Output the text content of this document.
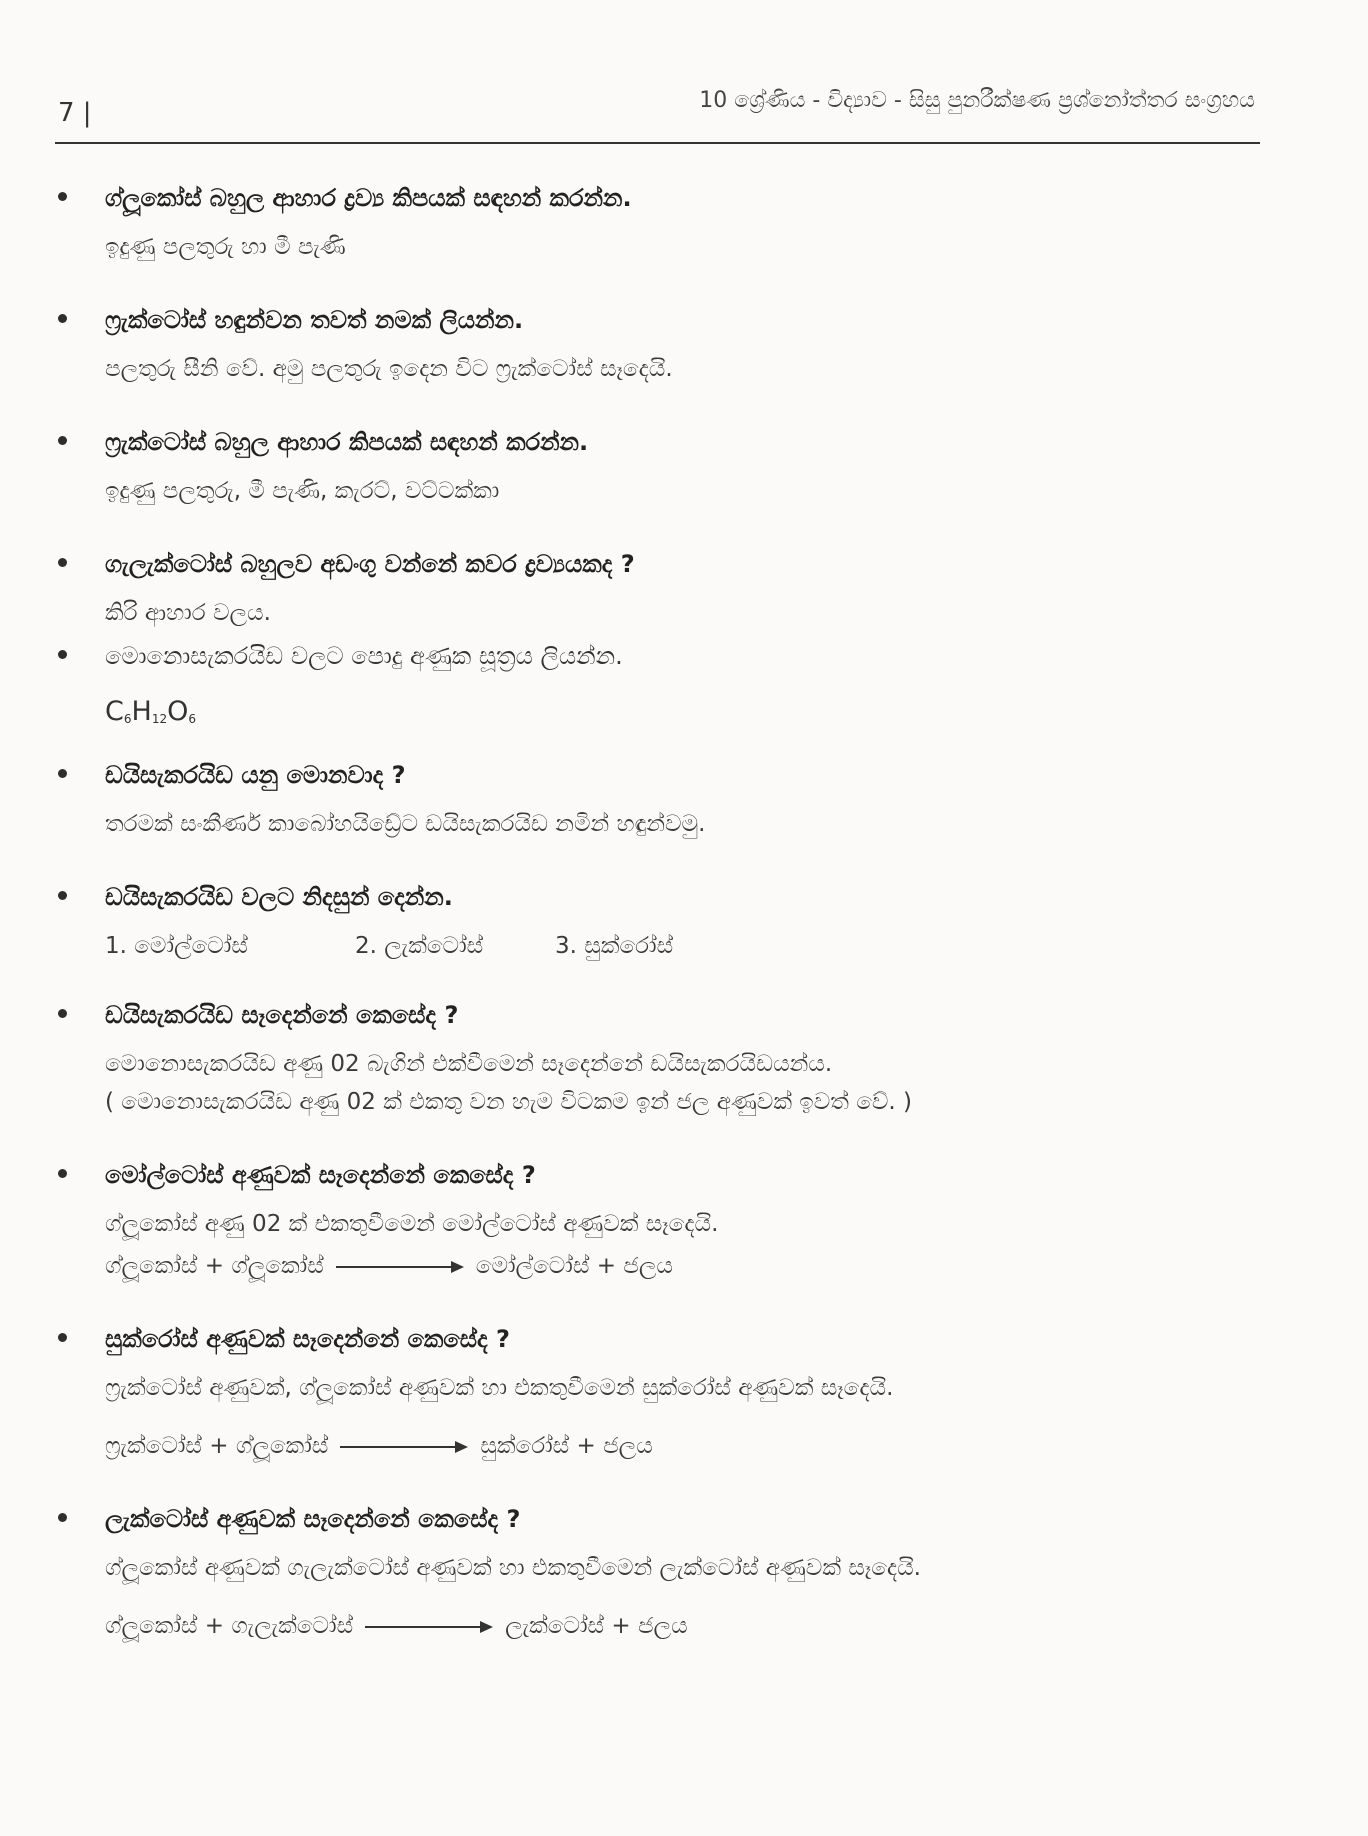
7 |	10 ශ්‍රේණිය - විද්‍යාව - සිසු පුනරීක්ෂණ ප්‍රශ්නෝත්තර සංග්‍රහය
ග්ලූකෝස් බහුල ආහාර ද්‍රව්‍ය කිපයක් සඳහන් කරන්න.
ඉදුණු පලතුරු හා මී පැණි
ෆ්‍රැක්ටෝස් හඳුන්වන තවත් නමක් ලියන්න.
පලතුරු සීනි වේ. අමු පලතුරු ඉදෙන විට ෆ්‍රැක්ටෝස් සෑදෙයි.
ෆ්‍රැක්ටෝස් බහුල ආහාර කිපයක් සඳහන් කරන්න.
ඉදුණු පලතුරු, මී පැණි, කැරට්, වට්ටක්කා
ගැලැක්ටෝස් බහුලව අඩංගු වන්නේ කවර ද්‍රව්‍යයකද ?
කිරි ආහාර වලය.
මොනොසැකරයිඩ වලට පොදු අණුක සූත්‍රය ලියන්න.
$C_6H_{12}O_6$
ඩයිසැකරයිඩ යනු මොනවාද ?
තරමක් සංකීර්ණ කාබෝහයිඩ්‍රේට ඩයිසැකරයිඩ නමින් හඳුන්වමු.
ඩයිසැකරයිඩ වලට නිදසුන් දෙන්න.
1. මෝල්ටෝස්	2. ලැක්ටෝස්	3. සුක්රෝස්
ඩයිසැකරයිඩ සෑදෙන්නේ කෙසේද ?
මොනොසැකරයිඩ අණු 02 බැගින් එක්වීමෙන් සෑදෙන්නේ ඩයිසැකරයිඩයන්ය.
( මොනොසැකරයිඩ අණු 02 ක් එකතු වන හැම විටකම ඉන් ජල අණුවක් ඉවත් වේ. )
මෝල්ටෝස් අණුවක් සෑදෙන්නේ කෙසේද ?
ග්ලූකෝස් අණු 02 ක් එකතුවීමෙන් මෝල්ටෝස් අණුවක් සෑදෙයි.
ග්ලූකෝස් + ග්ලූකෝස්	මෝල්ටෝස් + ජලය
සුක්රෝස් අණුවක් සෑදෙන්නේ කෙසේද ?
ෆ්‍රැක්ටෝස් අණුවක්, ග්ලූකෝස් අණුවක් හා එකතුවීමෙන් සුක්රෝස් අණුවක් සෑදෙයි.
ෆ්‍රැක්ටෝස් + ග්ලූකෝස්	සුක්රෝස් + ජලය
ලැක්ටෝස් අණුවක් සෑදෙන්නේ කෙසේද ?
ග්ලූකෝස් අණුවක් ගැලැක්ටෝස් අණුවක් හා එකතුවීමෙන් ලැක්ටෝස් අණුවක් සෑදෙයි.
ග්ලූකෝස් + ගැලැක්ටෝස්	ලැක්ටෝස් + ජලය
